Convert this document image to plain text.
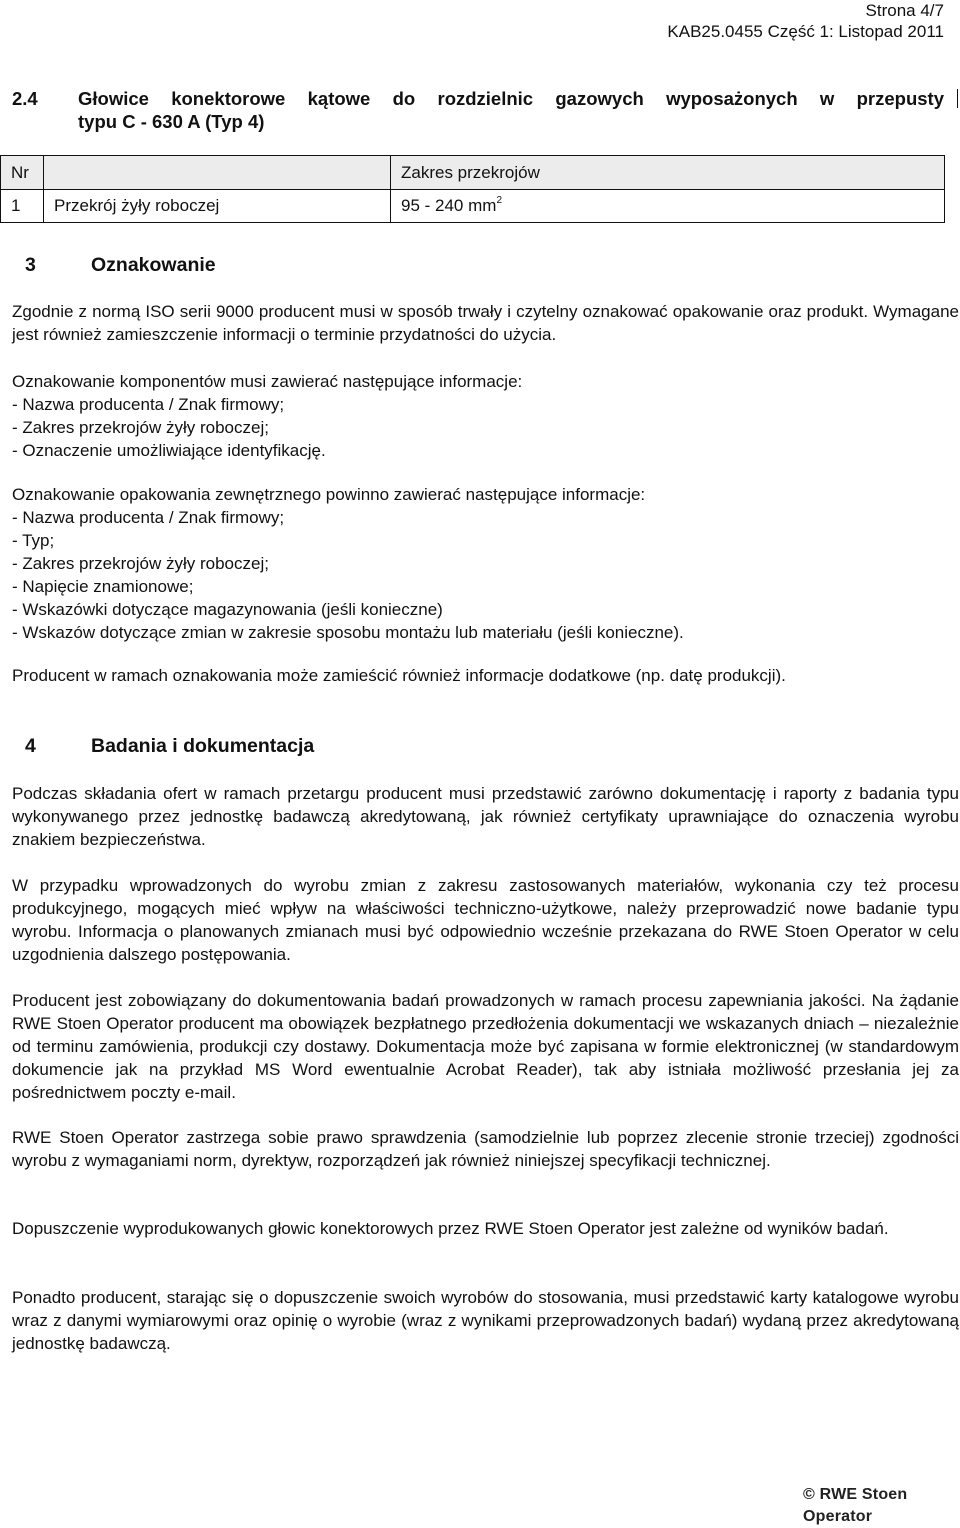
Strona 4/7
KAB25.0455 Część 1: Listopad 2011
2.4 Głowice konektorowe kątowe do rozdzielnic gazowych wyposażonych w przepusty
typu C - 630 A (Typ 4)
Nr		Zakres przekrojów
1	Przekrój żyły roboczej	95 - 240 $mm^2$
3	Oznakowanie
Zgodnie z normą ISO serii 9000 producent musi w sposób trwały i czytelny oznakować opakowanie oraz produkt. Wymagane jest również zamieszczenie informacji o terminie przydatności do użycia.

Oznakowanie komponentów musi zawierać następujące informacje:

- Nazwa producenta / Znak firmowy;

- Zakres przekrojów żyły roboczej;

- Oznaczenie umożliwiające identyfikację.

Oznakowanie opakowania zewnętrznego powinno zawierać następujące informacje:

- Nazwa producenta / Znak firmowy;

- Typ;

- Zakres przekrojów żyły roboczej;

- Napięcie znamionowe;

- Wskazówki dotyczące magazynowania (jeśli konieczne)

- Wskazów dotyczące zmian w zakresie sposobu montażu lub materiału (jeśli konieczne).

Producent w ramach oznakowania może zamieścić również informacje dodatkowe (np. datę produkcji).
4	Badania i dokumentacja
Podczas składania ofert w ramach przetargu producent musi przedstawić zarówno dokumentację i raporty z badania typu wykonywanego przez jednostkę badawczą akredytowaną, jak również certyfikaty uprawniające do oznaczenia wyrobu znakiem bezpieczeństwa.
W przypadku wprowadzonych do wyrobu zmian z zakresu zastosowanych materiałów, wykonania czy też procesu produkcyjnego, mogących mieć wpływ na właściwości techniczno-użytkowe, należy przeprowadzić nowe badanie typu wyrobu. Informacja o planowanych zmianach musi być odpowiednio wcześnie przekazana do RWE Stoen Operator w celu uzgodnienia dalszego postępowania.
Producent jest zobowiązany do dokumentowania badań prowadzonych w ramach procesu zapewniania jakości. Na żądanie RWE Stoen Operator producent ma obowiązek bezpłatnego przedłożenia dokumentacji we wskazanych dniach – niezależnie od terminu zamówienia, produkcji czy dostawy. Dokumentacja może być zapisana w formie elektronicznej (w standardowym dokumencie jak na przykład MS Word ewentualnie Acrobat Reader), tak aby istniała możliwość przesłania jej za pośrednictwem poczty e-mail.
RWE Stoen Operator zastrzega sobie prawo sprawdzenia (samodzielnie lub poprzez zlecenie stronie trzeciej) zgodności wyrobu z wymaganiami norm, dyrektyw, rozporządzeń jak również niniejszej specyfikacji technicznej.
Dopuszczenie wyprodukowanych głowic konektorowych przez RWE Stoen Operator jest zależne od wyników badań.
Ponadto producent, starając się o dopuszczenie swoich wyrobów do stosowania, musi przedstawić karty katalogowe wyrobu wraz z danymi wymiarowymi oraz opinię o wyrobie (wraz z wynikami przeprowadzonych badań) wydaną przez akredytowaną jednostkę badawczą.
© RWE Stoen Operator
